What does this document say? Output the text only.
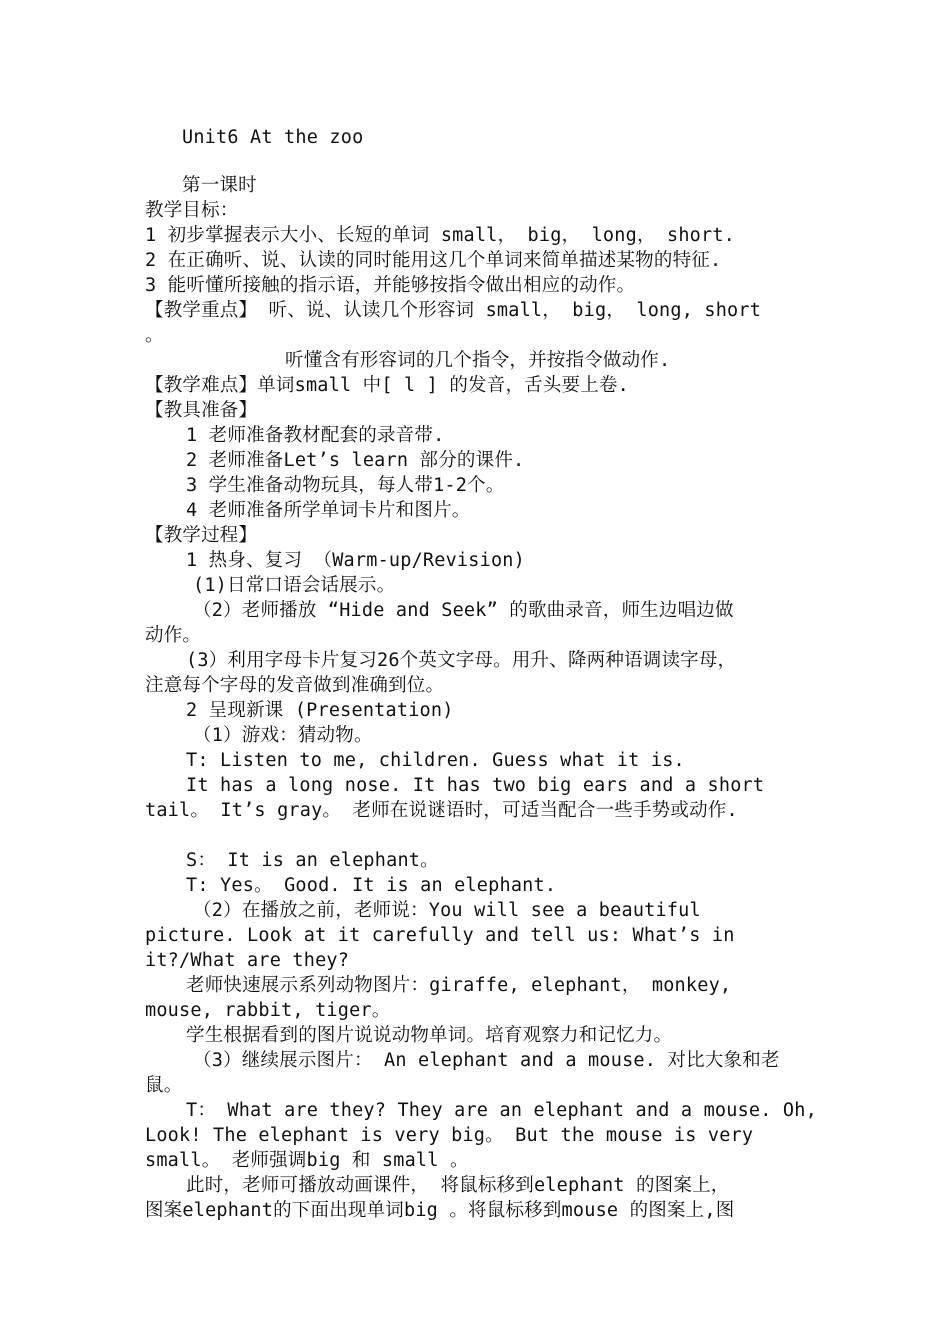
Unit6 At the zoo
第一课时
教学目标：
1 初步掌握表示大小、长短的单词 small， big， long， short.
2 在正确听、说、认读的同时能用这几个单词来简单描述某物的特征.
3 能听懂所接触的指示语，并能够按指令做出相应的动作。
【教学重点】 听、说、认读几个形容词 small， big， long, short
。
听懂含有形容词的几个指令，并按指令做动作.
【教学难点】单词small 中[ l ] 的发音，舌头要上卷.
【教具准备】
1 老师准备教材配套的录音带.
2 老师准备Let’s learn 部分的课件.
3 学生准备动物玩具，每人带1-2个。
4 老师准备所学单词卡片和图片。
【教学过程】
1 热身、复习 （Warm-up/Revision)
(1)日常口语会话展示。
（2）老师播放 “Hide and Seek” 的歌曲录音，师生边唱边做
动作。
(3）利用字母卡片复习26个英文字母。用升、降两种语调读字母，
注意每个字母的发音做到准确到位。
2 呈现新课 (Presentation)
（1）游戏：猜动物。
T: Listen to me, children. Guess what it is.
It has a long nose. It has two big ears and a short
tail。 It’s gray。 老师在说谜语时，可适当配合一些手势或动作.
S： It is an elephant。
T: Yes。 Good. It is an elephant.
（2）在播放之前，老师说：You will see a beautiful
picture. Look at it carefully and tell us: What’s in
it?/What are they?
老师快速展示系列动物图片：giraffe, elephant， monkey,
mouse, rabbit, tiger。
学生根据看到的图片说说动物单词。培育观察力和记忆力。
（3）继续展示图片： An elephant and a mouse. 对比大象和老
鼠。
T： What are they? They are an elephant and a mouse. Oh,
Look! The elephant is very big。 But the mouse is very
small。 老师强调big 和 small 。
此时，老师可播放动画课件， 将鼠标移到elephant 的图案上，
图案elephant的下面出现单词big 。将鼠标移到mouse 的图案上,图
